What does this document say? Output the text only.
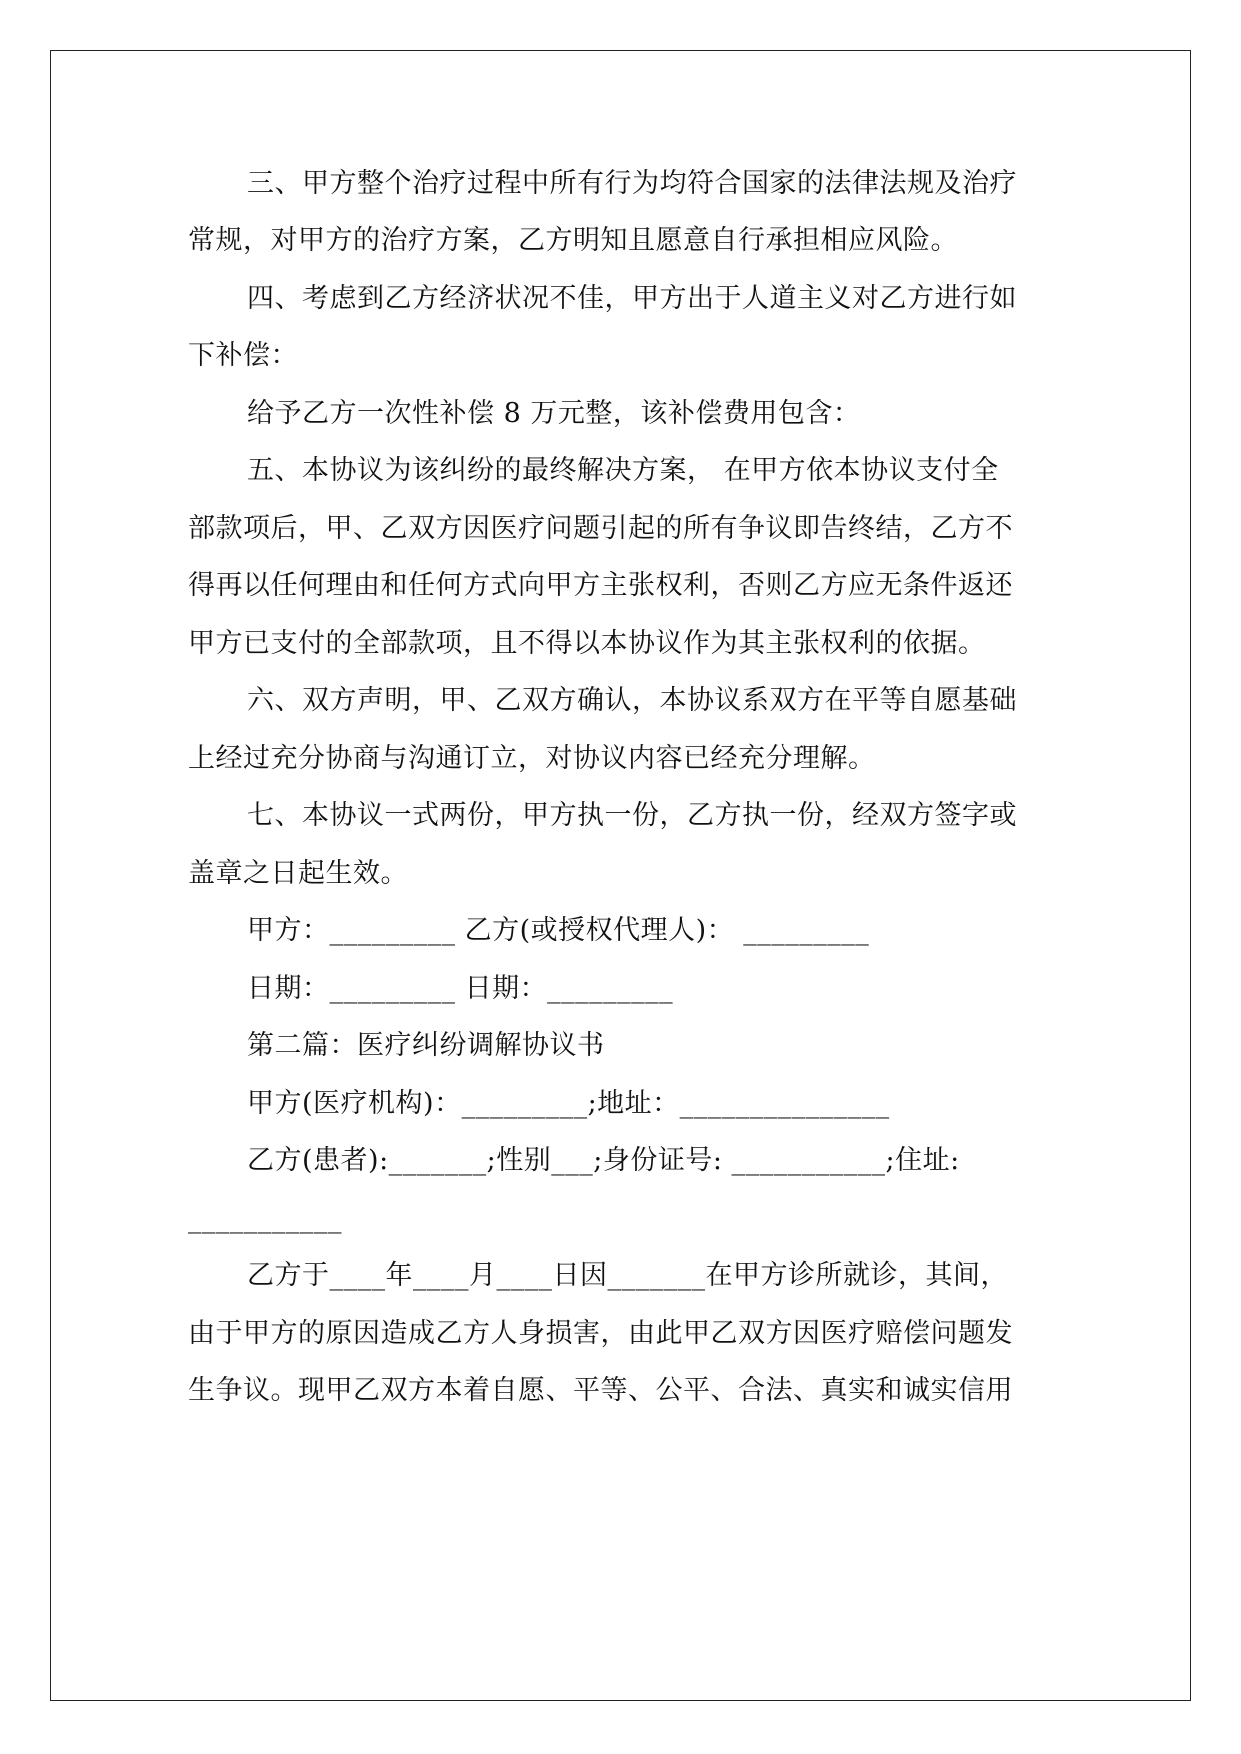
三、甲方整个治疗过程中所有行为均符合国家的法律法规及治疗
常规，对甲方的治疗方案，乙方明知且愿意自行承担相应风险。
四、考虑到乙方经济状况不佳，甲方出于人道主义对乙方进行如
下补偿：
给予乙方一次性补偿 8 万元整，该补偿费用包含：
五、本协议为该纠纷的最终解决方案， 在甲方依本协议支付全
部款项后，甲、乙双方因医疗问题引起的所有争议即告终结，乙方不
得再以任何理由和任何方式向甲方主张权利，否则乙方应无条件返还
甲方已支付的全部款项，且不得以本协议作为其主张权利的依据。
六、双方声明，甲、乙双方确认，本协议系双方在平等自愿基础
上经过充分协商与沟通订立，对协议内容已经充分理解。
七、本协议一式两份，甲方执一份，乙方执一份，经双方签字或
盖章之日起生效。
甲方：_________ 乙方(或授权代理人)： _________
日期：_________ 日期：_________
第二篇：医疗纠纷调解协议书
甲方(医疗机构)：_________;地址：_______________
乙方(患者):_______;性别___;身份证号: ___________;住址:
___________
乙方于____年____月____日因_______在甲方诊所就诊，其间，
由于甲方的原因造成乙方人身损害，由此甲乙双方因医疗赔偿问题发
生争议。现甲乙双方本着自愿、平等、公平、合法、真实和诚实信用
